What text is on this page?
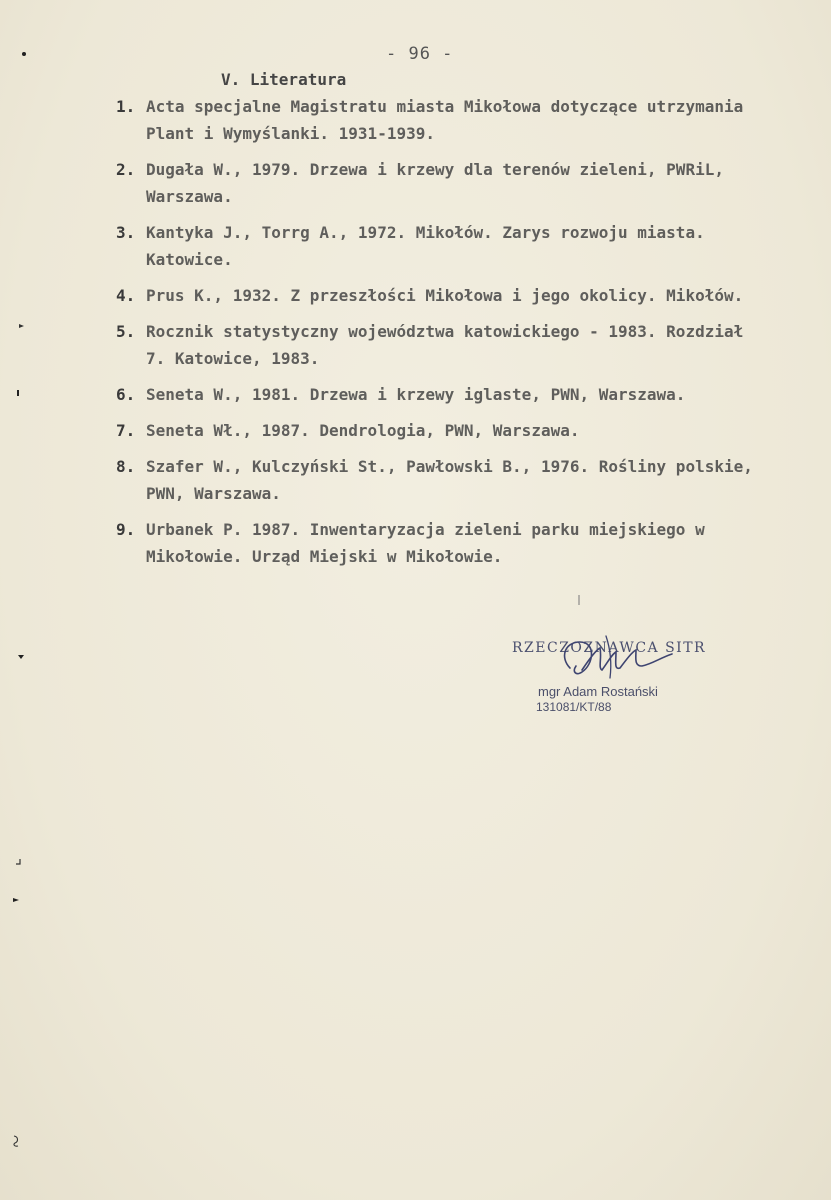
- 96 -
V. Literatura
1. Acta specjalne Magistratu miasta Mikołowa dotyczące utrzymania Plant i Wymyślanki. 1931-1939.
2. Dugała W., 1979. Drzewa i krzewy dla terenów zieleni, PWRiL, Warszawa.
3. Kantyka J., Torrg A., 1972. Mikołów. Zarys rozwoju miasta. Katowice.
4. Prus K., 1932. Z przeszłości Mikołowa i jego okolicy. Mikołów.
5. Rocznik statystyczny województwa katowickiego - 1983. Rozdział 7. Katowice, 1983.
6. Seneta W., 1981. Drzewa i krzewy iglaste, PWN, Warszawa.
7. Seneta Wł., 1987. Dendrologia, PWN, Warszawa.
8. Szafer W., Kulczyński St., Pawłowski B., 1976. Rośliny polskie, PWN, Warszawa.
9. Urbanek P. 1987. Inwentaryzacja zieleni parku miejskiego w Mikołowie. Urząd Miejski w Mikołowie.
RZECZOZNAWCA SITR
mgr Adam Rostański
131081/KT/88
